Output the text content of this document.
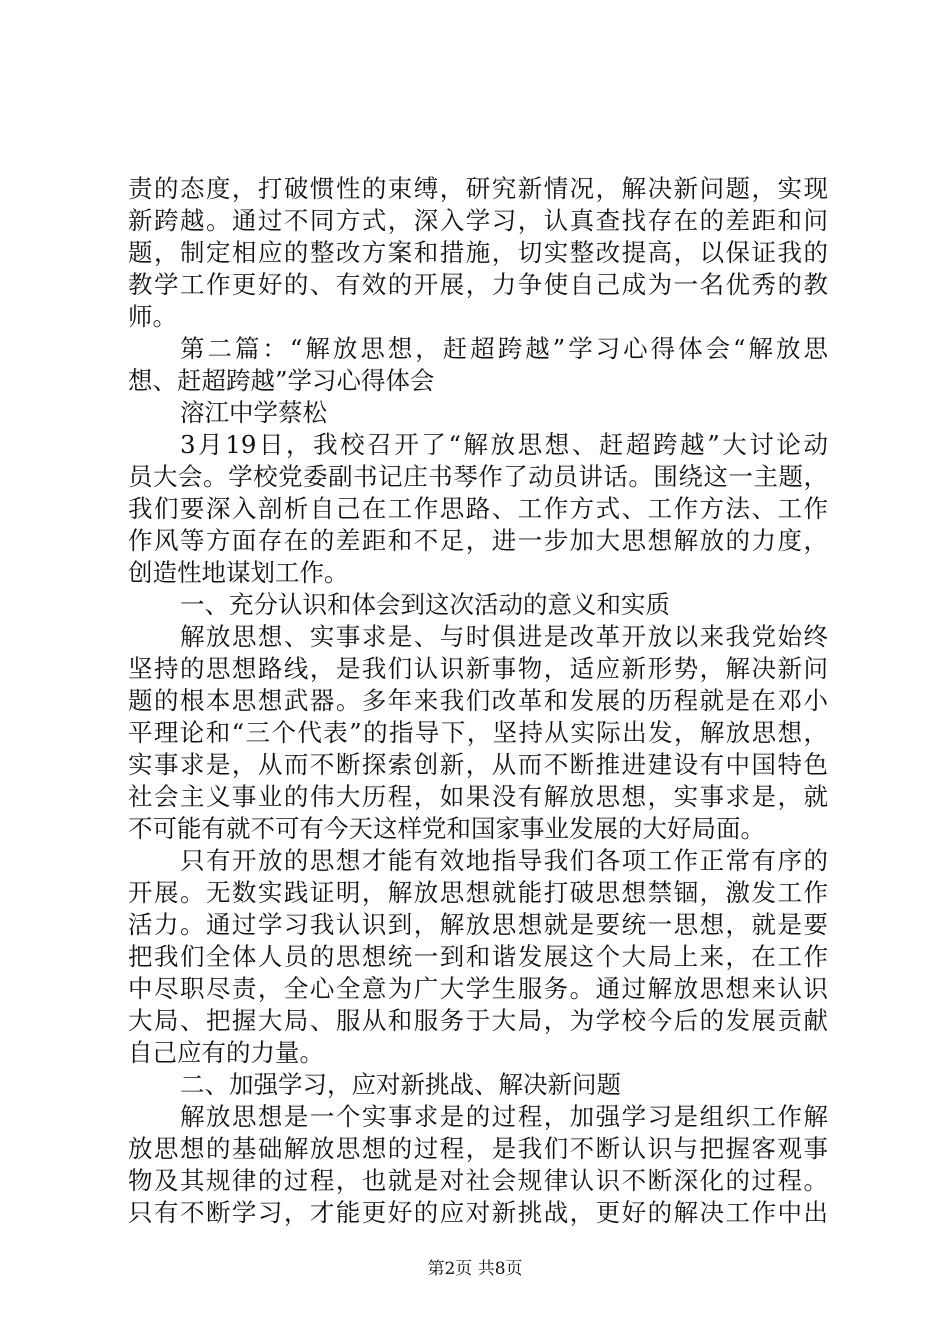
责的态度，打破惯性的束缚，研究新情况，解决新问题，实现
新跨越。通过不同方式，深入学习，认真查找存在的差距和问
题，制定相应的整改方案和措施，切实整改提高，以保证我的
教学工作更好的、有效的开展，力争使自己成为一名优秀的教
师。
第二篇：“解放思想，赶超跨越”学习心得体会“解放思
想、赶超跨越”学习心得体会
溶江中学蔡松
3月19日，我校召开了“解放思想、赶超跨越”大讨论动
员大会。学校党委副书记庄书琴作了动员讲话。围绕这一主题，
我们要深入剖析自己在工作思路、工作方式、工作方法、工作
作风等方面存在的差距和不足，进一步加大思想解放的力度，
创造性地谋划工作。
一、充分认识和体会到这次活动的意义和实质
解放思想、实事求是、与时俱进是改革开放以来我党始终
坚持的思想路线，是我们认识新事物，适应新形势，解决新问
题的根本思想武器。多年来我们改革和发展的历程就是在邓小
平理论和“三个代表”的指导下，坚持从实际出发，解放思想，
实事求是，从而不断探索创新，从而不断推进建设有中国特色
社会主义事业的伟大历程，如果没有解放思想，实事求是，就
不可能有就不可有今天这样党和国家事业发展的大好局面。
只有开放的思想才能有效地指导我们各项工作正常有序的
开展。无数实践证明，解放思想就能打破思想禁锢，激发工作
活力。通过学习我认识到，解放思想就是要统一思想，就是要
把我们全体人员的思想统一到和谐发展这个大局上来，在工作
中尽职尽责，全心全意为广大学生服务。通过解放思想来认识
大局、把握大局、服从和服务于大局，为学校今后的发展贡献
自己应有的力量。
二、加强学习，应对新挑战、解决新问题
解放思想是一个实事求是的过程，加强学习是组织工作解
放思想的基础解放思想的过程，是我们不断认识与把握客观事
物及其规律的过程，也就是对社会规律认识不断深化的过程。
只有不断学习，才能更好的应对新挑战，更好的解决工作中出
第2页 共8页
